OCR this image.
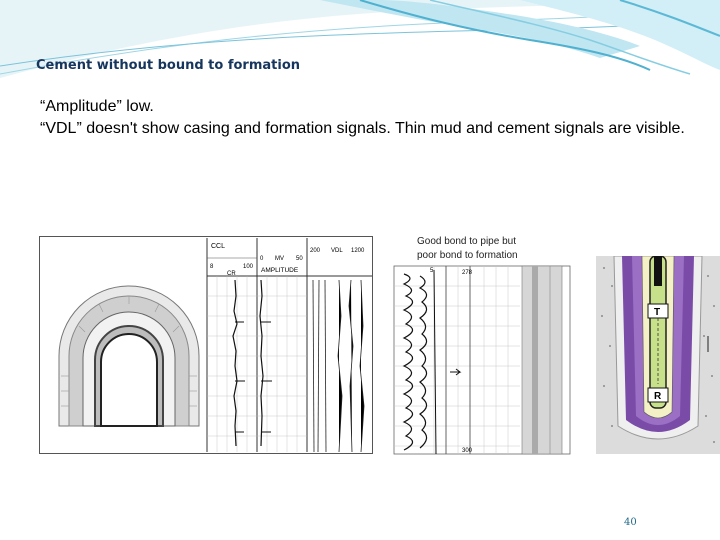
Cement without bound to formation

“Amplitude” low.

“VDL” doesn't show casing and formation signals. Thin mud and cement signals are visible.

CCL
8	100
CR
0 MV 50
AMPLITUDE
200 VDL 1200
Good bond to pipe but
poor bond to formation
5	278
300
T
R
40
